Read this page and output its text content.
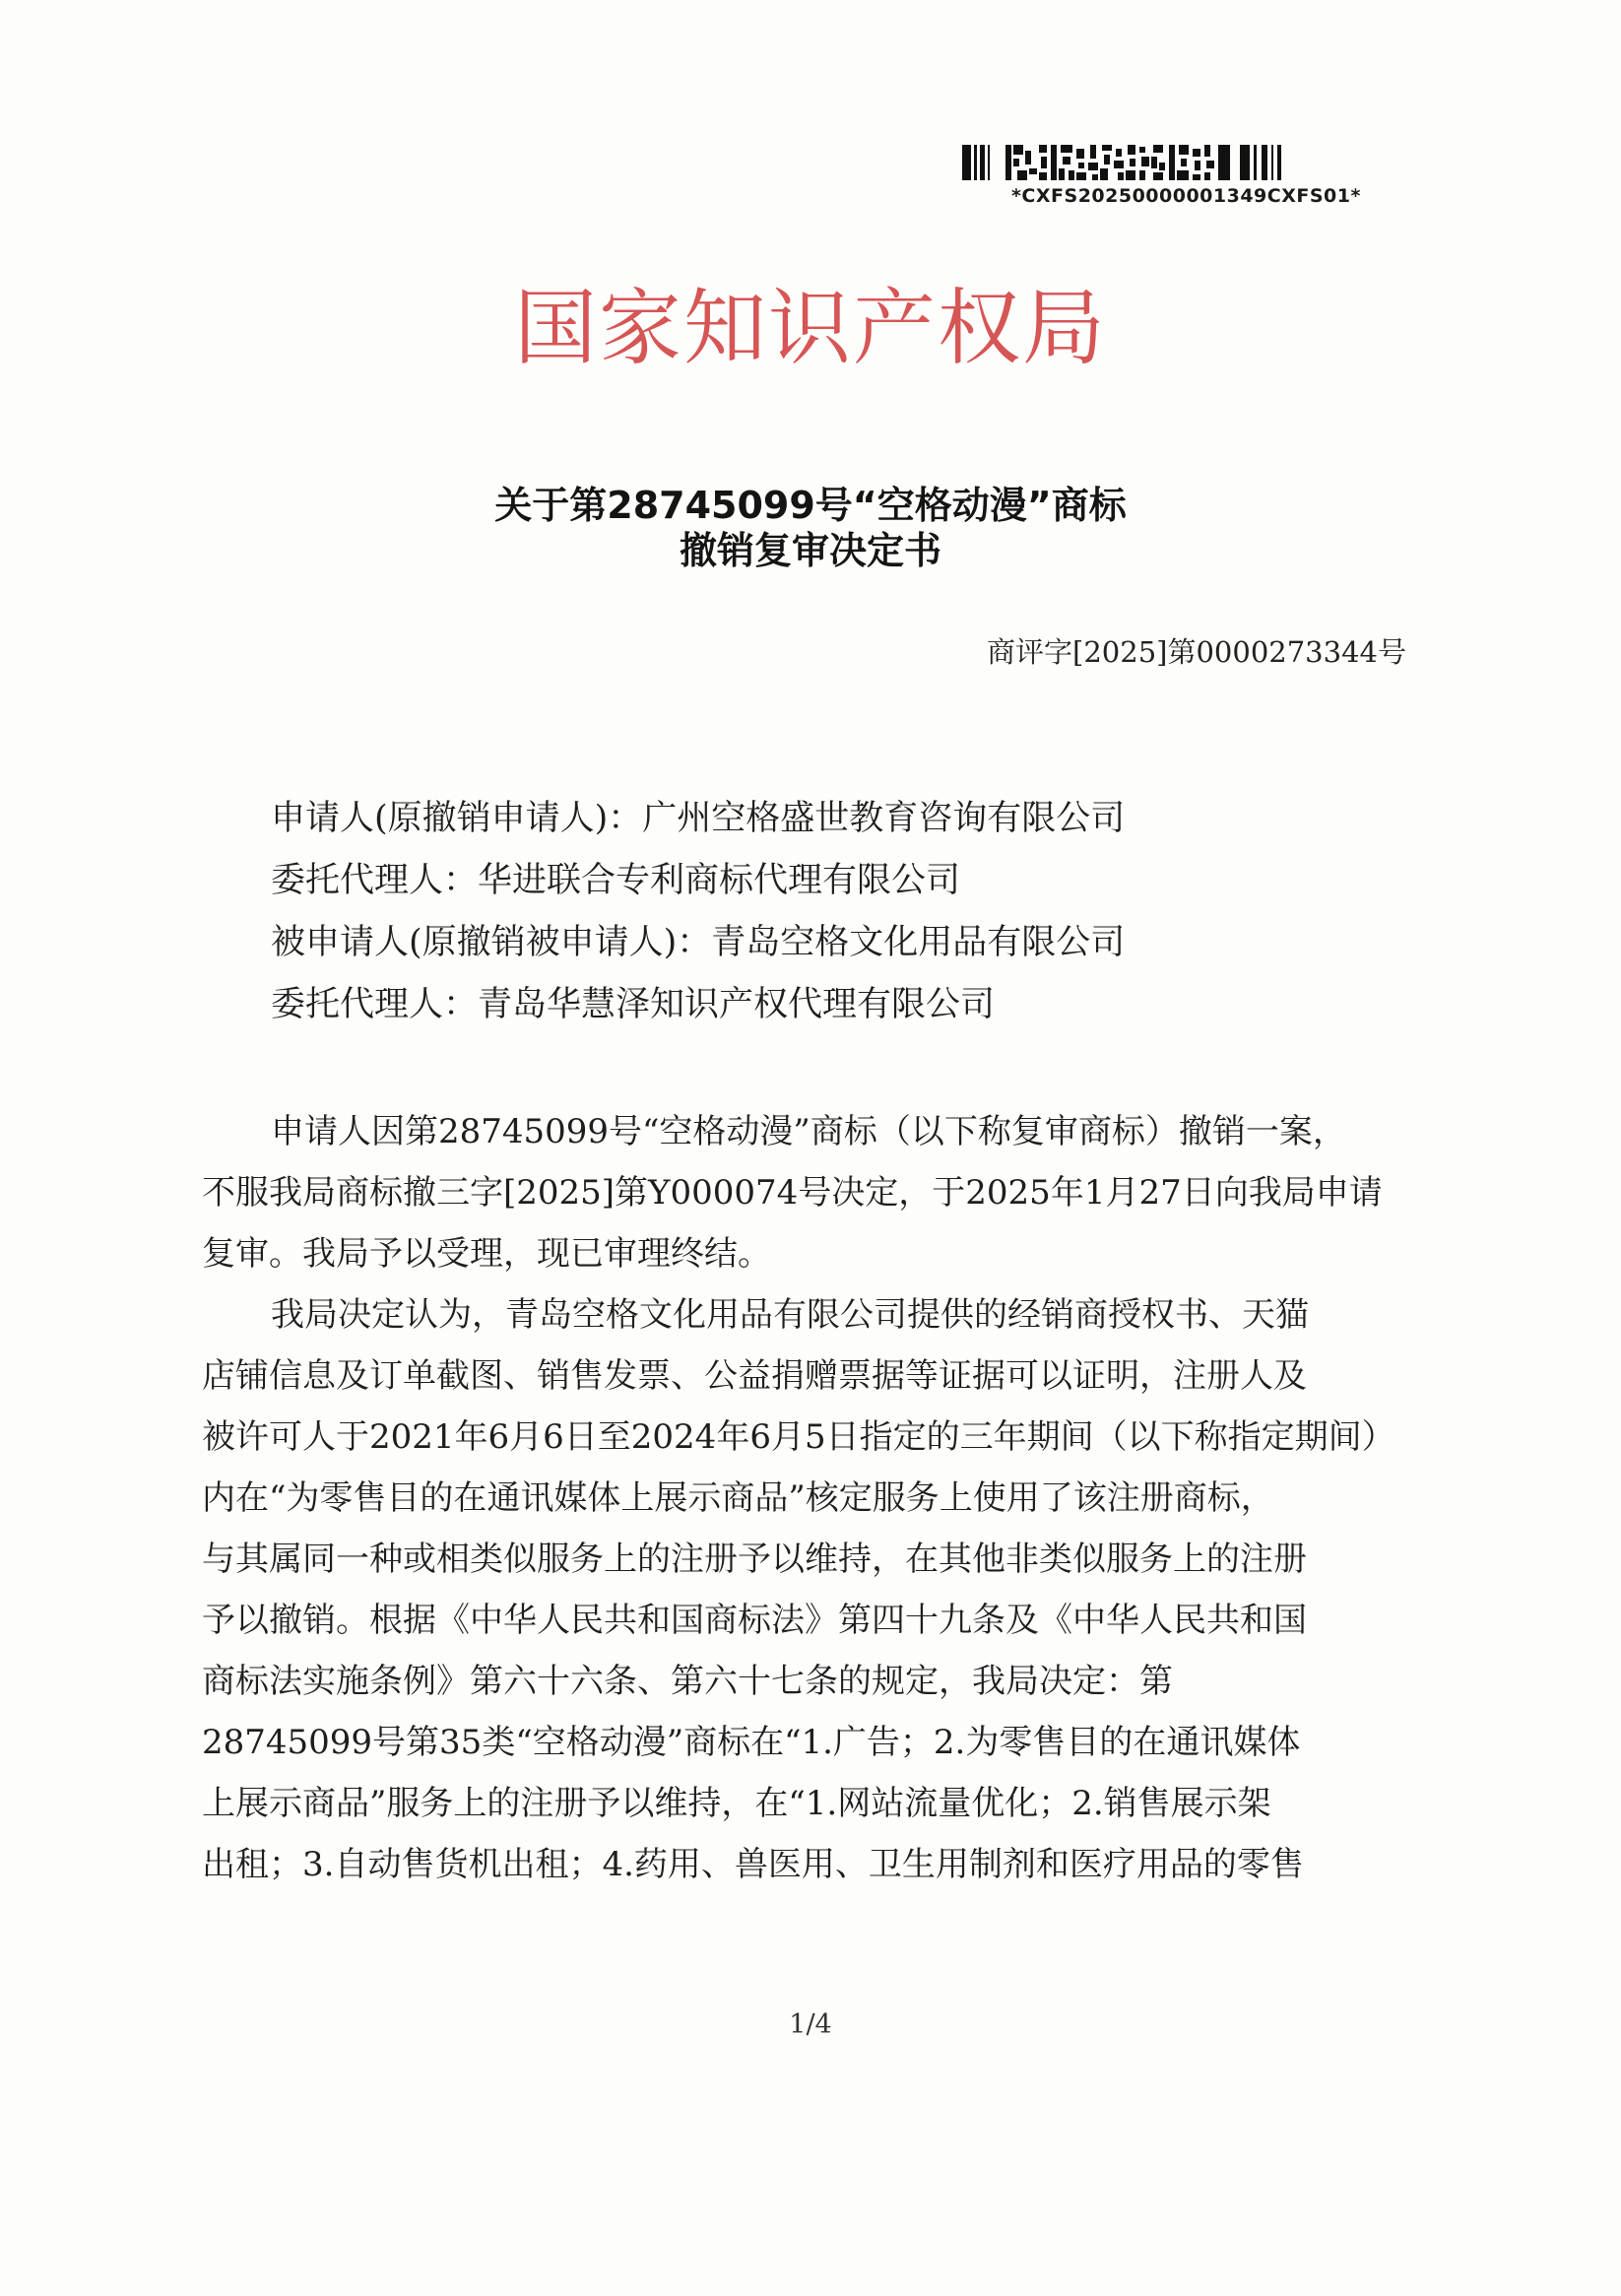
*CXFS20250000001349CXFS01*
国家知识产权局
关于第28745099号“空格动漫”商标
撤销复审决定书
商评字[2025]第0000273344号
申请人(原撤销申请人)：广州空格盛世教育咨询有限公司
委托代理人：华进联合专利商标代理有限公司
被申请人(原撤销被申请人)：青岛空格文化用品有限公司
委托代理人：青岛华慧泽知识产权代理有限公司
申请人因第28745099号“空格动漫”商标（以下称复审商标）撤销一案，
不服我局商标撤三字[2025]第Y000074号决定，于2025年1月27日向我局申请
复审。我局予以受理，现已审理终结。
我局决定认为，青岛空格文化用品有限公司提供的经销商授权书、天猫
店铺信息及订单截图、销售发票、公益捐赠票据等证据可以证明，注册人及
被许可人于2021年6月6日至2024年6月5日指定的三年期间（以下称指定期间）
内在“为零售目的在通讯媒体上展示商品”核定服务上使用了该注册商标，
与其属同一种或相类似服务上的注册予以维持，在其他非类似服务上的注册
予以撤销。根据《中华人民共和国商标法》第四十九条及《中华人民共和国
商标法实施条例》第六十六条、第六十七条的规定，我局决定：第
28745099号第35类“空格动漫”商标在“1.广告；2.为零售目的在通讯媒体
上展示商品”服务上的注册予以维持，在“1.网站流量优化；2.销售展示架
出租；3.自动售货机出租；4.药用、兽医用、卫生用制剂和医疗用品的零售
1/4
